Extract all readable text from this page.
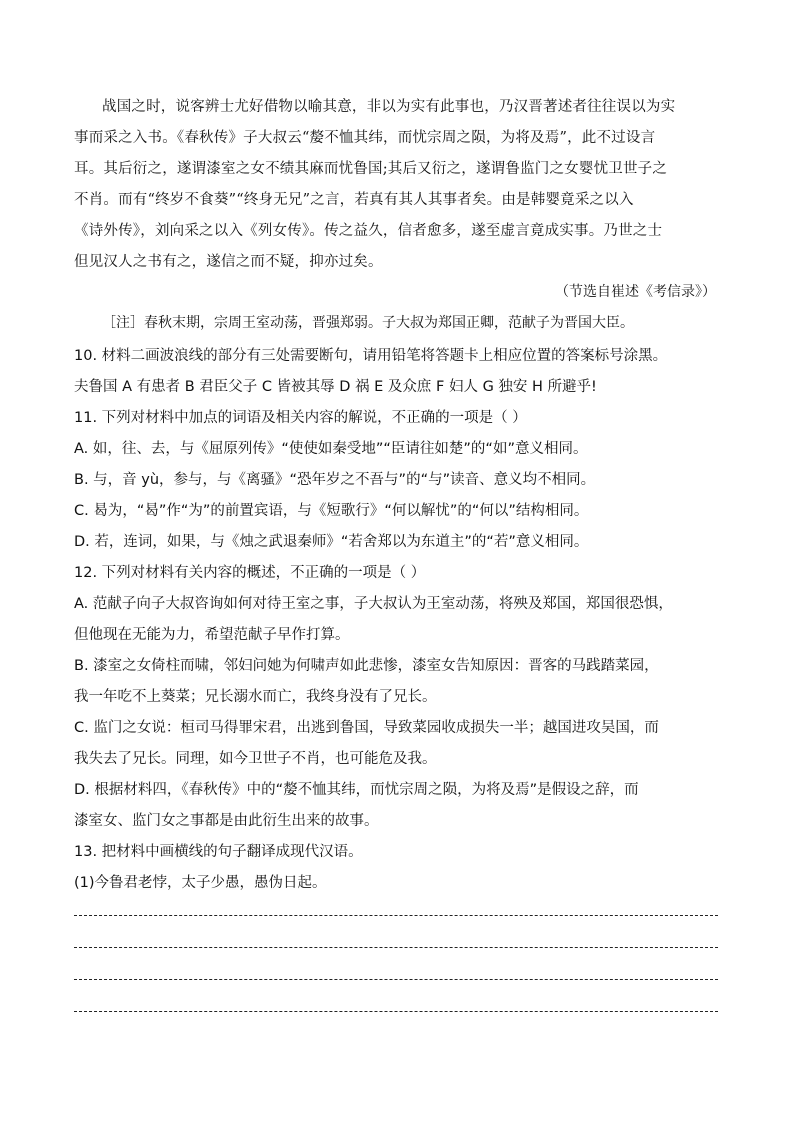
战国之时，说客辨士尤好借物以喻其意，非以为实有此事也，乃汉晋著述者往往误以为实
事而采之入书。《春秋传》子大叔云“嫠不恤其纬，而忧宗周之陨，为将及焉”，此不过设言
耳。其后衍之，遂谓漆室之女不绩其麻而忧鲁国;其后又衍之，遂谓鲁监门之女婴忧卫世子之
不肖。而有“终岁不食葵”“终身无兄”之言，若真有其人其事者矣。由是韩婴竟采之以入
《诗外传》，刘向采之以入《列女传》。传之益久，信者愈多，遂至虚言竟成实事。乃世之士
但见汉人之书有之，遂信之而不疑，抑亦过矣。
（节选自崔述《考信录》）
［注］春秋末期，宗周王室动荡，晋强郑弱。子大叔为郑国正卿，范献子为晋国大臣。
10. 材料二画波浪线的部分有三处需要断句，请用铅笔将答题卡上相应位置的答案标号涂黑。
夫鲁国 A 有患者 B 君臣父子 C 皆被其辱 D 祸 E 及众庶 F 妇人 G 独安 H 所避乎!
11. 下列对材料中加点的词语及相关内容的解说，不正确的一项是（ ）
A. 如，往、去，与《屈原列传》“使使如秦受地”“臣请往如楚”的“如”意义相同。
B. 与，音 yù，参与，与《离骚》“恐年岁之不吾与”的“与”读音、意义均不相同。
C. 曷为，“曷”作“为”的前置宾语，与《短歌行》“何以解忧”的“何以”结构相同。
D. 若，连词，如果，与《烛之武退秦师》“若舍郑以为东道主”的“若”意义相同。
12. 下列对材料有关内容的概述，不正确的一项是（ ）
A. 范献子向子大叔咨询如何对待王室之事，子大叔认为王室动荡，将殃及郑国，郑国很恐惧，
但他现在无能为力，希望范献子早作打算。
B. 漆室之女倚柱而啸，邻妇问她为何啸声如此悲惨，漆室女告知原因：晋客的马践踏菜园，
我一年吃不上葵菜；兄长溺水而亡，我终身没有了兄长。
C. 监门之女说：桓司马得罪宋君，出逃到鲁国，导致菜园收成损失一半；越国进攻吴国，而
我失去了兄长。同理，如今卫世子不肖，也可能危及我。
D. 根据材料四，《春秋传》中的“嫠不恤其纬，而忧宗周之陨，为将及焉”是假设之辞，而
漆室女、监门女之事都是由此衍生出来的故事。
13. 把材料中画横线的句子翻译成现代汉语。
(1)今鲁君老悖，太子少愚，愚伪日起。
